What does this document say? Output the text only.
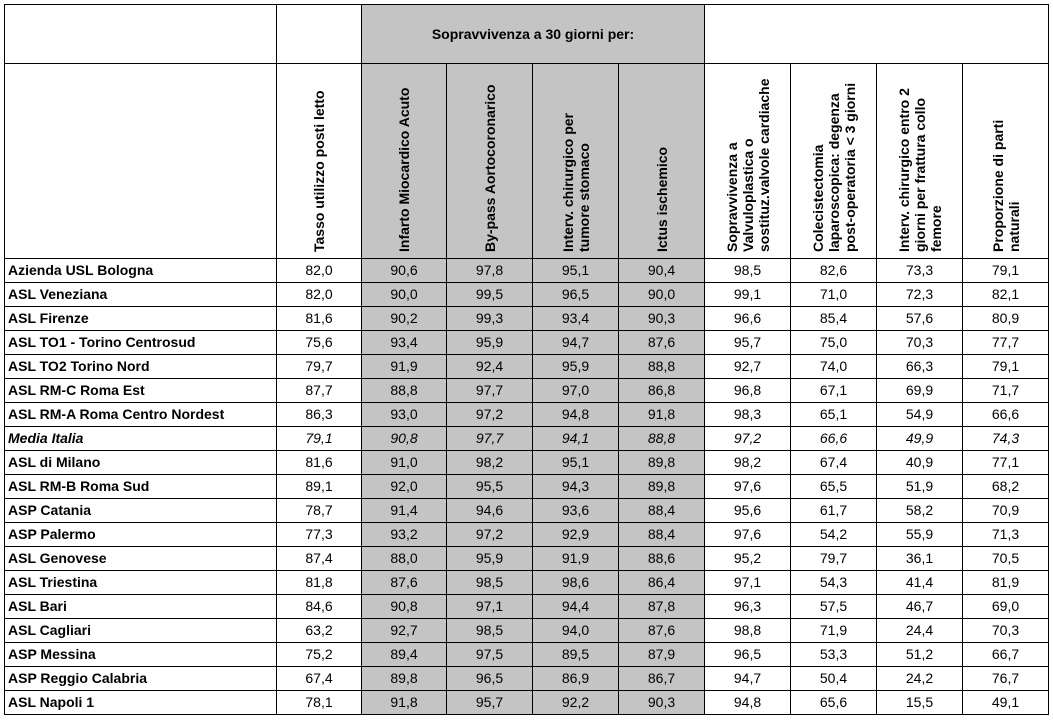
		Sopravvivenza a 30 giorni per:							

	Tasso utilizzo posti letto	Infarto Miocardico Acuto	By-pass Aortocoronarico	Interv. chirurgico per tumore stomaco	Ictus ischemico	Sopravvivenza a Valvuloplastica o sostituz.valvole cardiache	Colecistectomia laparoscopica: degenza post-operatoria < 3 giorni	Interv. chirurgico entro 2 giorni per frattura collo femore	Proporzione di parti naturali

Azienda USL Bologna	82,0	90,6	97,8	95,1	90,4	98,5	82,6	73,3	79,1
ASL Veneziana	82,0	90,0	99,5	96,5	90,0	99,1	71,0	72,3	82,1
ASL Firenze	81,6	90,2	99,3	93,4	90,3	96,6	85,4	57,6	80,9
ASL TO1 - Torino Centrosud	75,6	93,4	95,9	94,7	87,6	95,7	75,0	70,3	77,7
ASL TO2 Torino Nord	79,7	91,9	92,4	95,9	88,8	92,7	74,0	66,3	79,1
ASL RM-C Roma Est	87,7	88,8	97,7	97,0	86,8	96,8	67,1	69,9	71,7
ASL RM-A Roma Centro Nordest	86,3	93,0	97,2	94,8	91,8	98,3	65,1	54,9	66,6
Media Italia	79,1	90,8	97,7	94,1	88,8	97,2	66,6	49,9	74,3
ASL di Milano	81,6	91,0	98,2	95,1	89,8	98,2	67,4	40,9	77,1
ASL RM-B Roma Sud	89,1	92,0	95,5	94,3	89,8	97,6	65,5	51,9	68,2
ASP Catania	78,7	91,4	94,6	93,6	88,4	95,6	61,7	58,2	70,9
ASP Palermo	77,3	93,2	97,2	92,9	88,4	97,6	54,2	55,9	71,3
ASL Genovese	87,4	88,0	95,9	91,9	88,6	95,2	79,7	36,1	70,5
ASL Triestina	81,8	87,6	98,5	98,6	86,4	97,1	54,3	41,4	81,9
ASL Bari	84,6	90,8	97,1	94,4	87,8	96,3	57,5	46,7	69,0
ASL Cagliari	63,2	92,7	98,5	94,0	87,6	98,8	71,9	24,4	70,3
ASP Messina	75,2	89,4	97,5	89,5	87,9	96,5	53,3	51,2	66,7
ASP Reggio Calabria	67,4	89,8	96,5	86,9	86,7	94,7	50,4	24,2	76,7
ASL Napoli 1	78,1	91,8	95,7	92,2	90,3	94,8	65,6	15,5	49,1
